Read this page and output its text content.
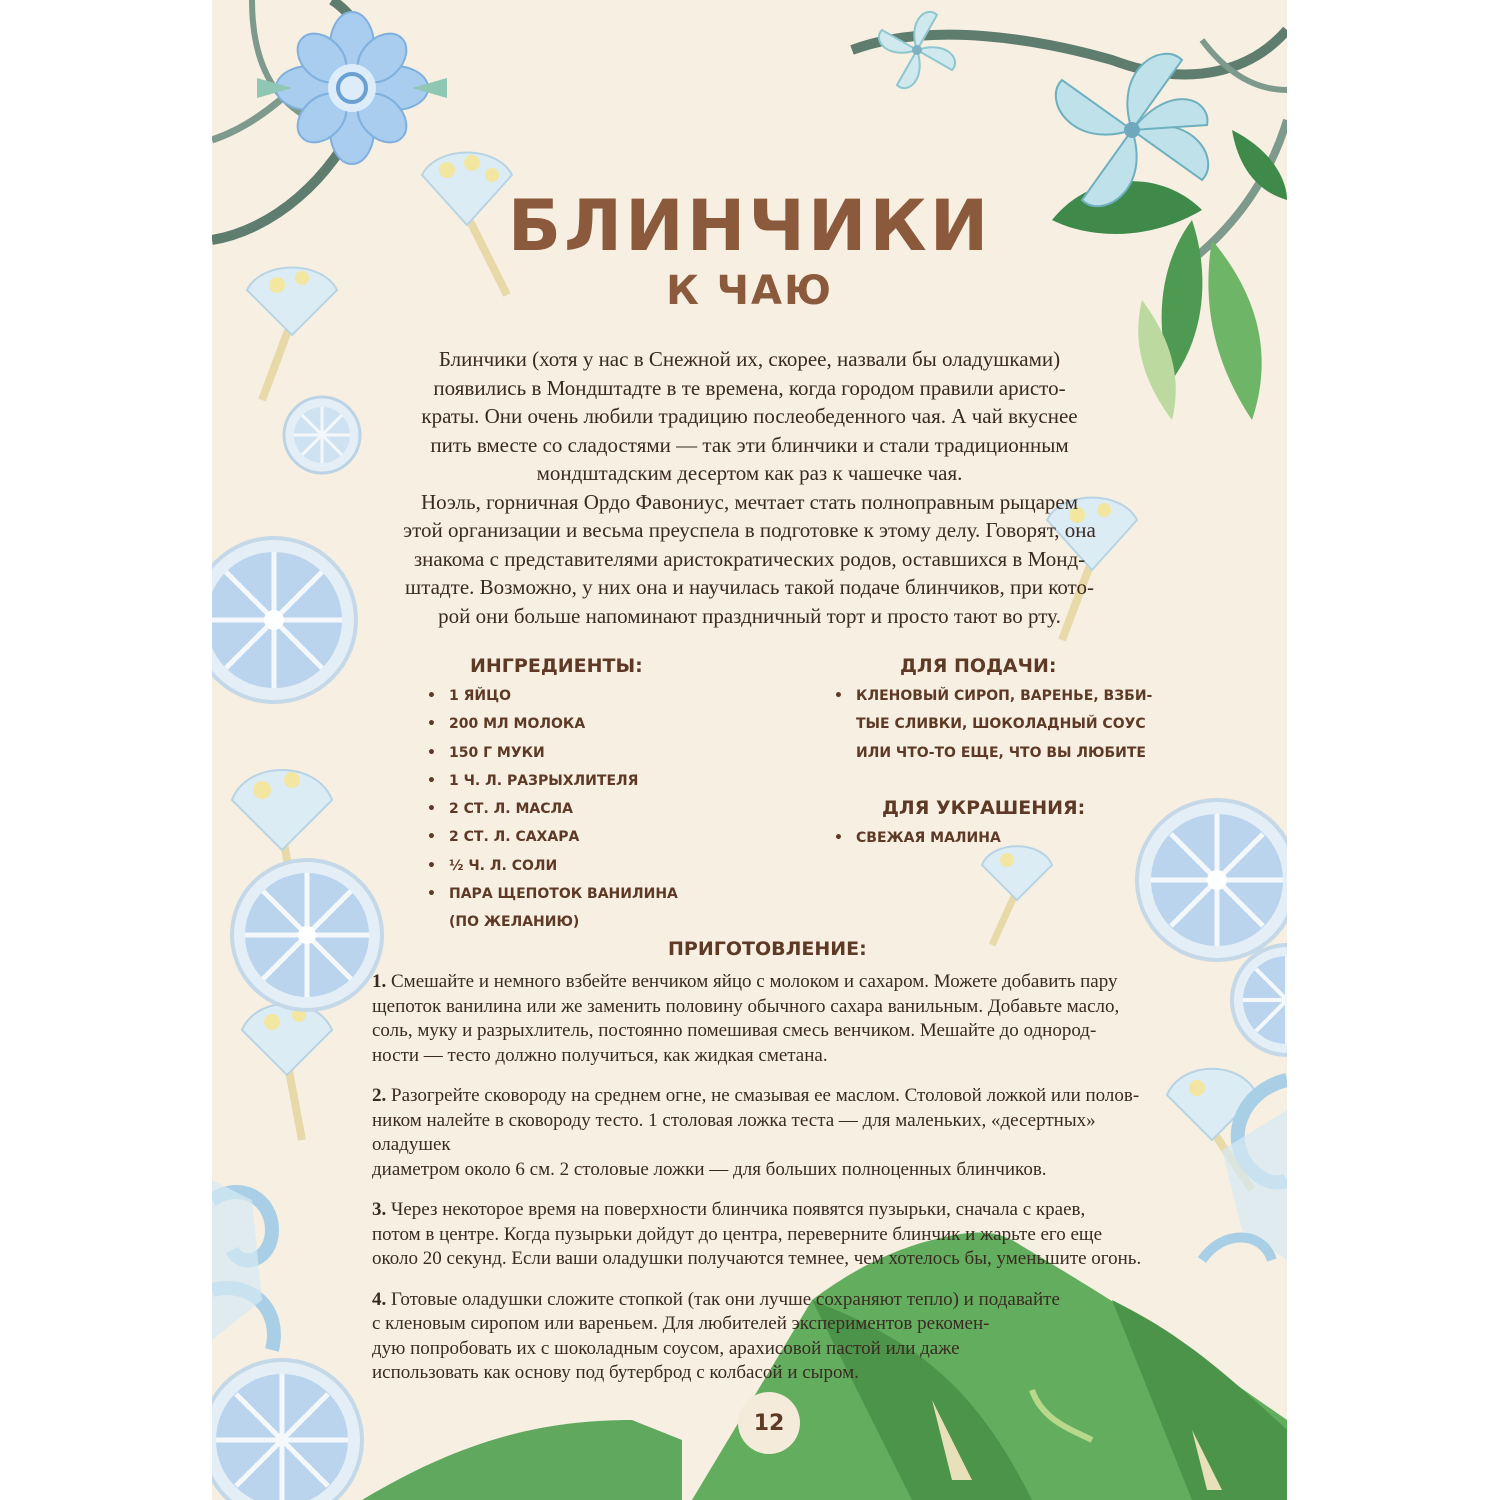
БЛИНЧИКИ
К ЧАЮ

Блинчики (хотя у нас в Снежной их, скорее, назвали бы оладушками)
появились в Мондштадте в те времена, когда городом правили аристо-
краты. Они очень любили традицию послеобеденного чая. А чай вкуснее
пить вместе со сладостями — так эти блинчики и стали традиционным
мондштадским десертом как раз к чашечке чая.

Ноэль, горничная Ордо Фавониус, мечтает стать полноправным рыцарем
этой организации и весьма преуспела в подготовке к этому делу. Говорят, она
знакома с представителями аристократических родов, оставшихся в Монд-
штадте. Возможно, у них она и научилась такой подаче блинчиков, при кото-
рой они больше напоминают праздничный торт и просто тают во рту.

ИНГРЕДИЕНТЫ:
• 1 ЯЙЦО
• 200 МЛ МОЛОКА
• 150 Г МУКИ
• 1 Ч. Л. РАЗРЫХЛИТЕЛЯ
• 2 СТ. Л. МАСЛА
• 2 СТ. Л. САХАРА
• ½ Ч. Л. СОЛИ
• ПАРА ЩЕПОТОК ВАНИЛИНА
(ПО ЖЕЛАНИЮ)
ДЛЯ ПОДАЧИ:
• КЛЕНОВЫЙ СИРОП, ВАРЕНЬЕ, ВЗБИ-
ТЫЕ СЛИВКИ, ШОКОЛАДНЫЙ СОУС
ИЛИ ЧТО-ТО ЕЩЕ, ЧТО ВЫ ЛЮБИТЕ
ДЛЯ УКРАШЕНИЯ:
• СВЕЖАЯ МАЛИНА
ПРИГОТОВЛЕНИЕ:

1. Смешайте и немного взбейте венчиком яйцо с молоком и сахаром. Можете добавить пару
щепоток ванилина или же заменить половину обычного сахара ванильным. Добавьте масло,
соль, муку и разрыхлитель, постоянно помешивая смесь венчиком. Мешайте до однород-
ности — тесто должно получиться, как жидкая сметана.

2. Разогрейте сковороду на среднем огне, не смазывая ее маслом. Столовой ложкой или полов-
ником налейте в сковороду тесто. 1 столовая ложка теста — для маленьких, «десертных» оладушек
диаметром около 6 см. 2 столовые ложки — для больших полноценных блинчиков.

3. Через некоторое время на поверхности блинчика появятся пузырьки, сначала с краев,
потом в центре. Когда пузырьки дойдут до центра, переверните блинчик и жарьте его еще
около 20 секунд. Если ваши оладушки получаются темнее, чем хотелось бы, уменьшите огонь.

4. Готовые оладушки сложите стопкой (так они лучше сохраняют тепло) и подавайте
с кленовым сиропом или вареньем. Для любителей экспериментов рекомен-
дую попробовать их с шоколадным соусом, арахисовой пастой или даже
использовать как основу под бутерброд с колбасой и сыром.

12
